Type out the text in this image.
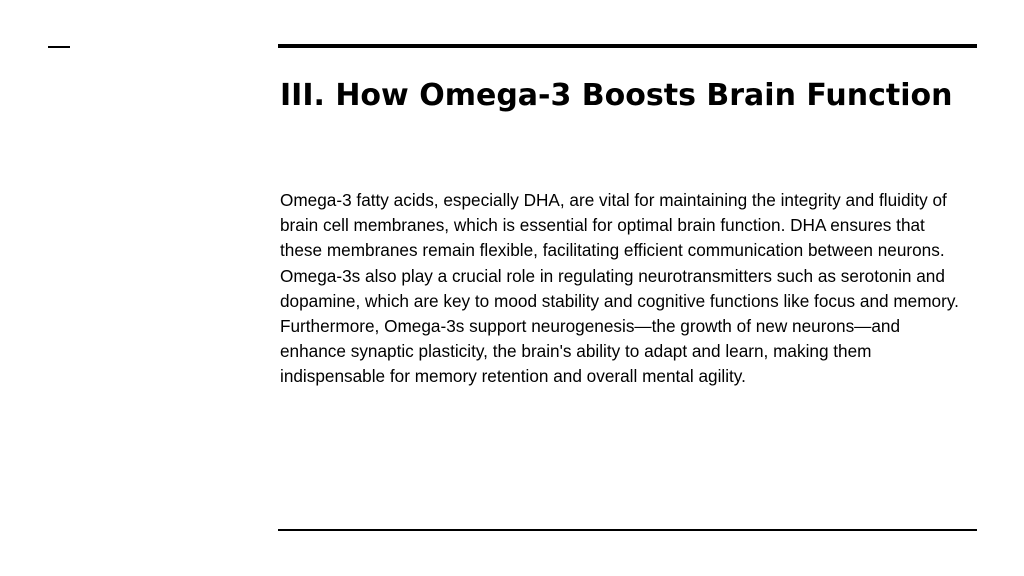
III. How Omega-3 Boosts Brain Function

Omega-3 fatty acids, especially DHA, are vital for maintaining the integrity and fluidity of brain cell membranes, which is essential for optimal brain function. DHA ensures that these membranes remain flexible, facilitating efficient communication between neurons. Omega-3s also play a crucial role in regulating neurotransmitters such as serotonin and dopamine, which are key to mood stability and cognitive functions like focus and memory. Furthermore, Omega-3s support neurogenesis—the growth of new neurons—and enhance synaptic plasticity, the brain's ability to adapt and learn, making them indispensable for memory retention and overall mental agility.
